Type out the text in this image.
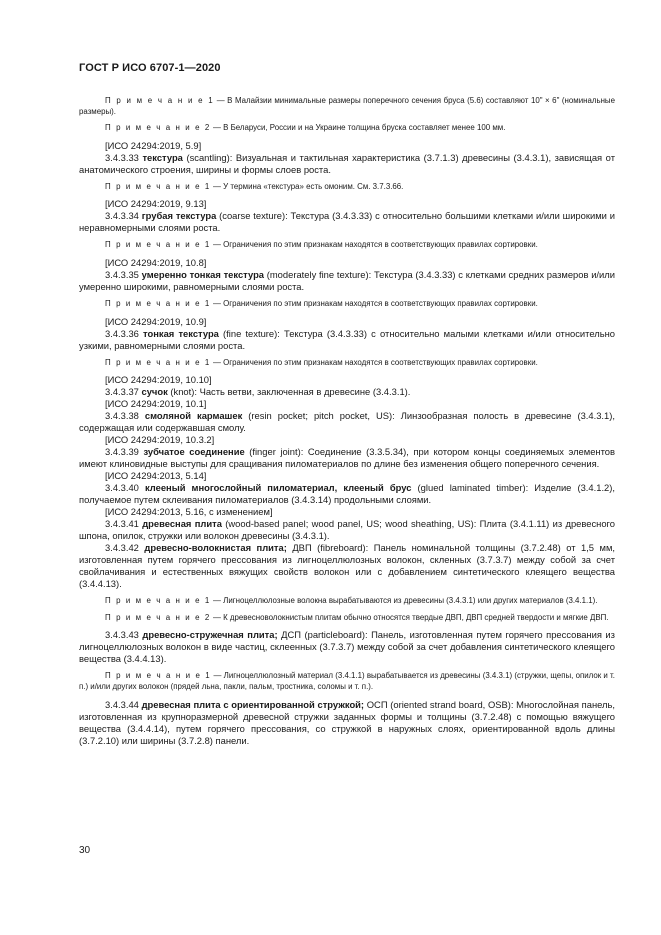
ГОСТ Р ИСО 6707-1—2020

П р и м е ч а н и е 1 — В Малайзии минимальные размеры поперечного сечения бруса (5.6) составляют 10" × 6" (номинальные размеры).

П р и м е ч а н и е 2 — В Беларуси, России и на Украине толщина бруска составляет менее 100 мм.

[ИСО 24294:2019, 5.9]

3.4.3.33 текстура (scantling): Визуальная и тактильная характеристика (3.7.1.3) древесины (3.4.3.1), зависящая от анатомического строения, ширины и формы слоев роста.

П р и м е ч а н и е 1 — У термина «текстура» есть омоним. См. 3.7.3.66.

[ИСО 24294:2019, 9.13]

3.4.3.34 грубая текстура (coarse texture): Текстура (3.4.3.33) с относительно большими клетками и/или широкими и неравномерными слоями роста.

П р и м е ч а н и е 1 — Ограничения по этим признакам находятся в соответствующих правилах сортировки.

[ИСО 24294:2019, 10.8]

3.4.3.35 умеренно тонкая текстура (moderately fine texture): Текстура (3.4.3.33) с клетками средних размеров и/или умеренно широкими, равномерными слоями роста.

П р и м е ч а н и е 1 — Ограничения по этим признакам находятся в соответствующих правилах сортировки.

[ИСО 24294:2019, 10.9]

3.4.3.36 тонкая текстура (fine texture): Текстура (3.4.3.33) с относительно малыми клетками и/или относительно узкими, равномерными слоями роста.

П р и м е ч а н и е 1 — Ограничения по этим признакам находятся в соответствующих правилах сортировки.

[ИСО 24294:2019, 10.10]

3.4.3.37 сучок (knot): Часть ветви, заключенная в древесине (3.4.3.1).

[ИСО 24294:2019, 10.1]

3.4.3.38 смоляной кармашек (resin pocket; pitch pocket, US): Линзообразная полость в древесине (3.4.3.1), содержащая или содержавшая смолу.

[ИСО 24294:2019, 10.3.2]

3.4.3.39 зубчатое соединение (finger joint): Соединение (3.3.5.34), при котором концы соединяемых элементов имеют клиновидные выступы для сращивания пиломатериалов по длине без изменения общего поперечного сечения.

[ИСО 24294:2013, 5.14]

3.4.3.40 клееный многослойный пиломатериал, клееный брус (glued laminated timber): Изделие (3.4.1.2), получаемое путем склеивания пиломатериалов (3.4.3.14) продольными слоями.

[ИСО 24294:2013, 5.16, с изменением]

3.4.3.41 древесная плита (wood-based panel; wood panel, US; wood sheathing, US): Плита (3.4.1.11) из древесного шпона, опилок, стружки или волокон древесины (3.4.3.1).

3.4.3.42 древесно-волокнистая плита; ДВП (fibreboard): Панель номинальной толщины (3.7.2.48) от 1,5 мм, изготовленная путем горячего прессования из лигноцеллюлозных волокон, скленных (3.7.3.7) между собой за счет свойлачивания и естественных вяжущих свойств волокон или с добавлением синтетического клеящего вещества (3.4.4.13).

П р и м е ч а н и е 1 — Лигноцеллюлозные волокна вырабатываются из древесины (3.4.3.1) или других материалов (3.4.1.1).

П р и м е ч а н и е 2 — К древесноволокнистым плитам обычно относятся твердые ДВП, ДВП средней твердости и мягкие ДВП.

3.4.3.43 древесно-стружечная плита; ДСП (particleboard): Панель, изготовленная путем горячего прессования из лигноцеллюлозных волокон в виде частиц, склеенных (3.7.3.7) между собой за счет добавления синтетического клеящего вещества (3.4.4.13).

П р и м е ч а н и е 1 — Лигноцеллюлозный материал (3.4.1.1) вырабатывается из древесины (3.4.3.1) (стружки, щепы, опилок и т. п.) и/или других волокон (прядей льна, пакли, пальм, тростника, соломы и т. п.).

3.4.3.44 древесная плита с ориентированной стружкой; ОСП (oriented strand board, OSB): Многослойная панель, изготовленная из крупноразмерной древесной стружки заданных формы и толщины (3.7.2.48) с помощью вяжущего вещества (3.4.4.14), путем горячего прессования, со стружкой в наружных слоях, ориентированной вдоль длины (3.7.2.10) или ширины (3.7.2.8) панели.

30
